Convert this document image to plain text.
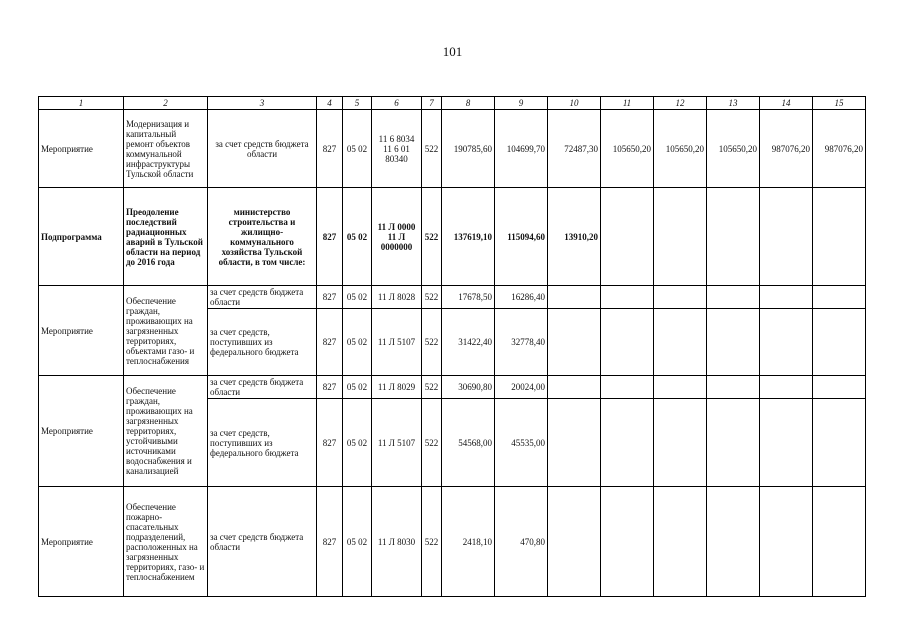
101
1	2	3	4	5	6	7	8	9	10	11	12	13	14	15
Мероприятие	Модернизация и капитальный ремонт объектов коммунальной инфраструктуры Тульской области	за счет средств бюджета области	827	05 02	11 6 8034 11 6 01 80340	522	190785,60	104699,70	72487,30	105650,20	105650,20	105650,20	987076,20	987076,20
Подпрограмма	Преодоление последствий радиационных аварий в Тульской области на период до 2016 года	министерство строительства и жилищно-коммунального хозяйства Тульской области, в том числе:	827	05 02	11 Л 0000 11 Л 0000000	522	137619,10	115094,60	13910,20					
Мероприятие	Обеспечение граждан, проживающих на загрязненных территориях, объектами газо- и теплоснабжения	за счет средств бюджета области	827	05 02	11 Л 8028	522	17678,50	16286,40						
		за счет средств, поступивших из федерального бюджета	827	05 02	11 Л 5107	522	31422,40	32778,40						
Мероприятие	Обеспечение граждан, проживающих на загрязненных территориях, устойчивыми источниками водоснабжения и канализацией	за счет средств бюджета области	827	05 02	11 Л 8029	522	30690,80	20024,00						
		за счет средств, поступивших из федерального бюджета	827	05 02	11 Л 5107	522	54568,00	45535,00						
Мероприятие	Обеспечение пожарно-спасательных подразделений, расположенных на загрязненных территориях, газо- и теплоснабжением	за счет средств бюджета области	827	05 02	11 Л 8030	522	2418,10	470,80						
